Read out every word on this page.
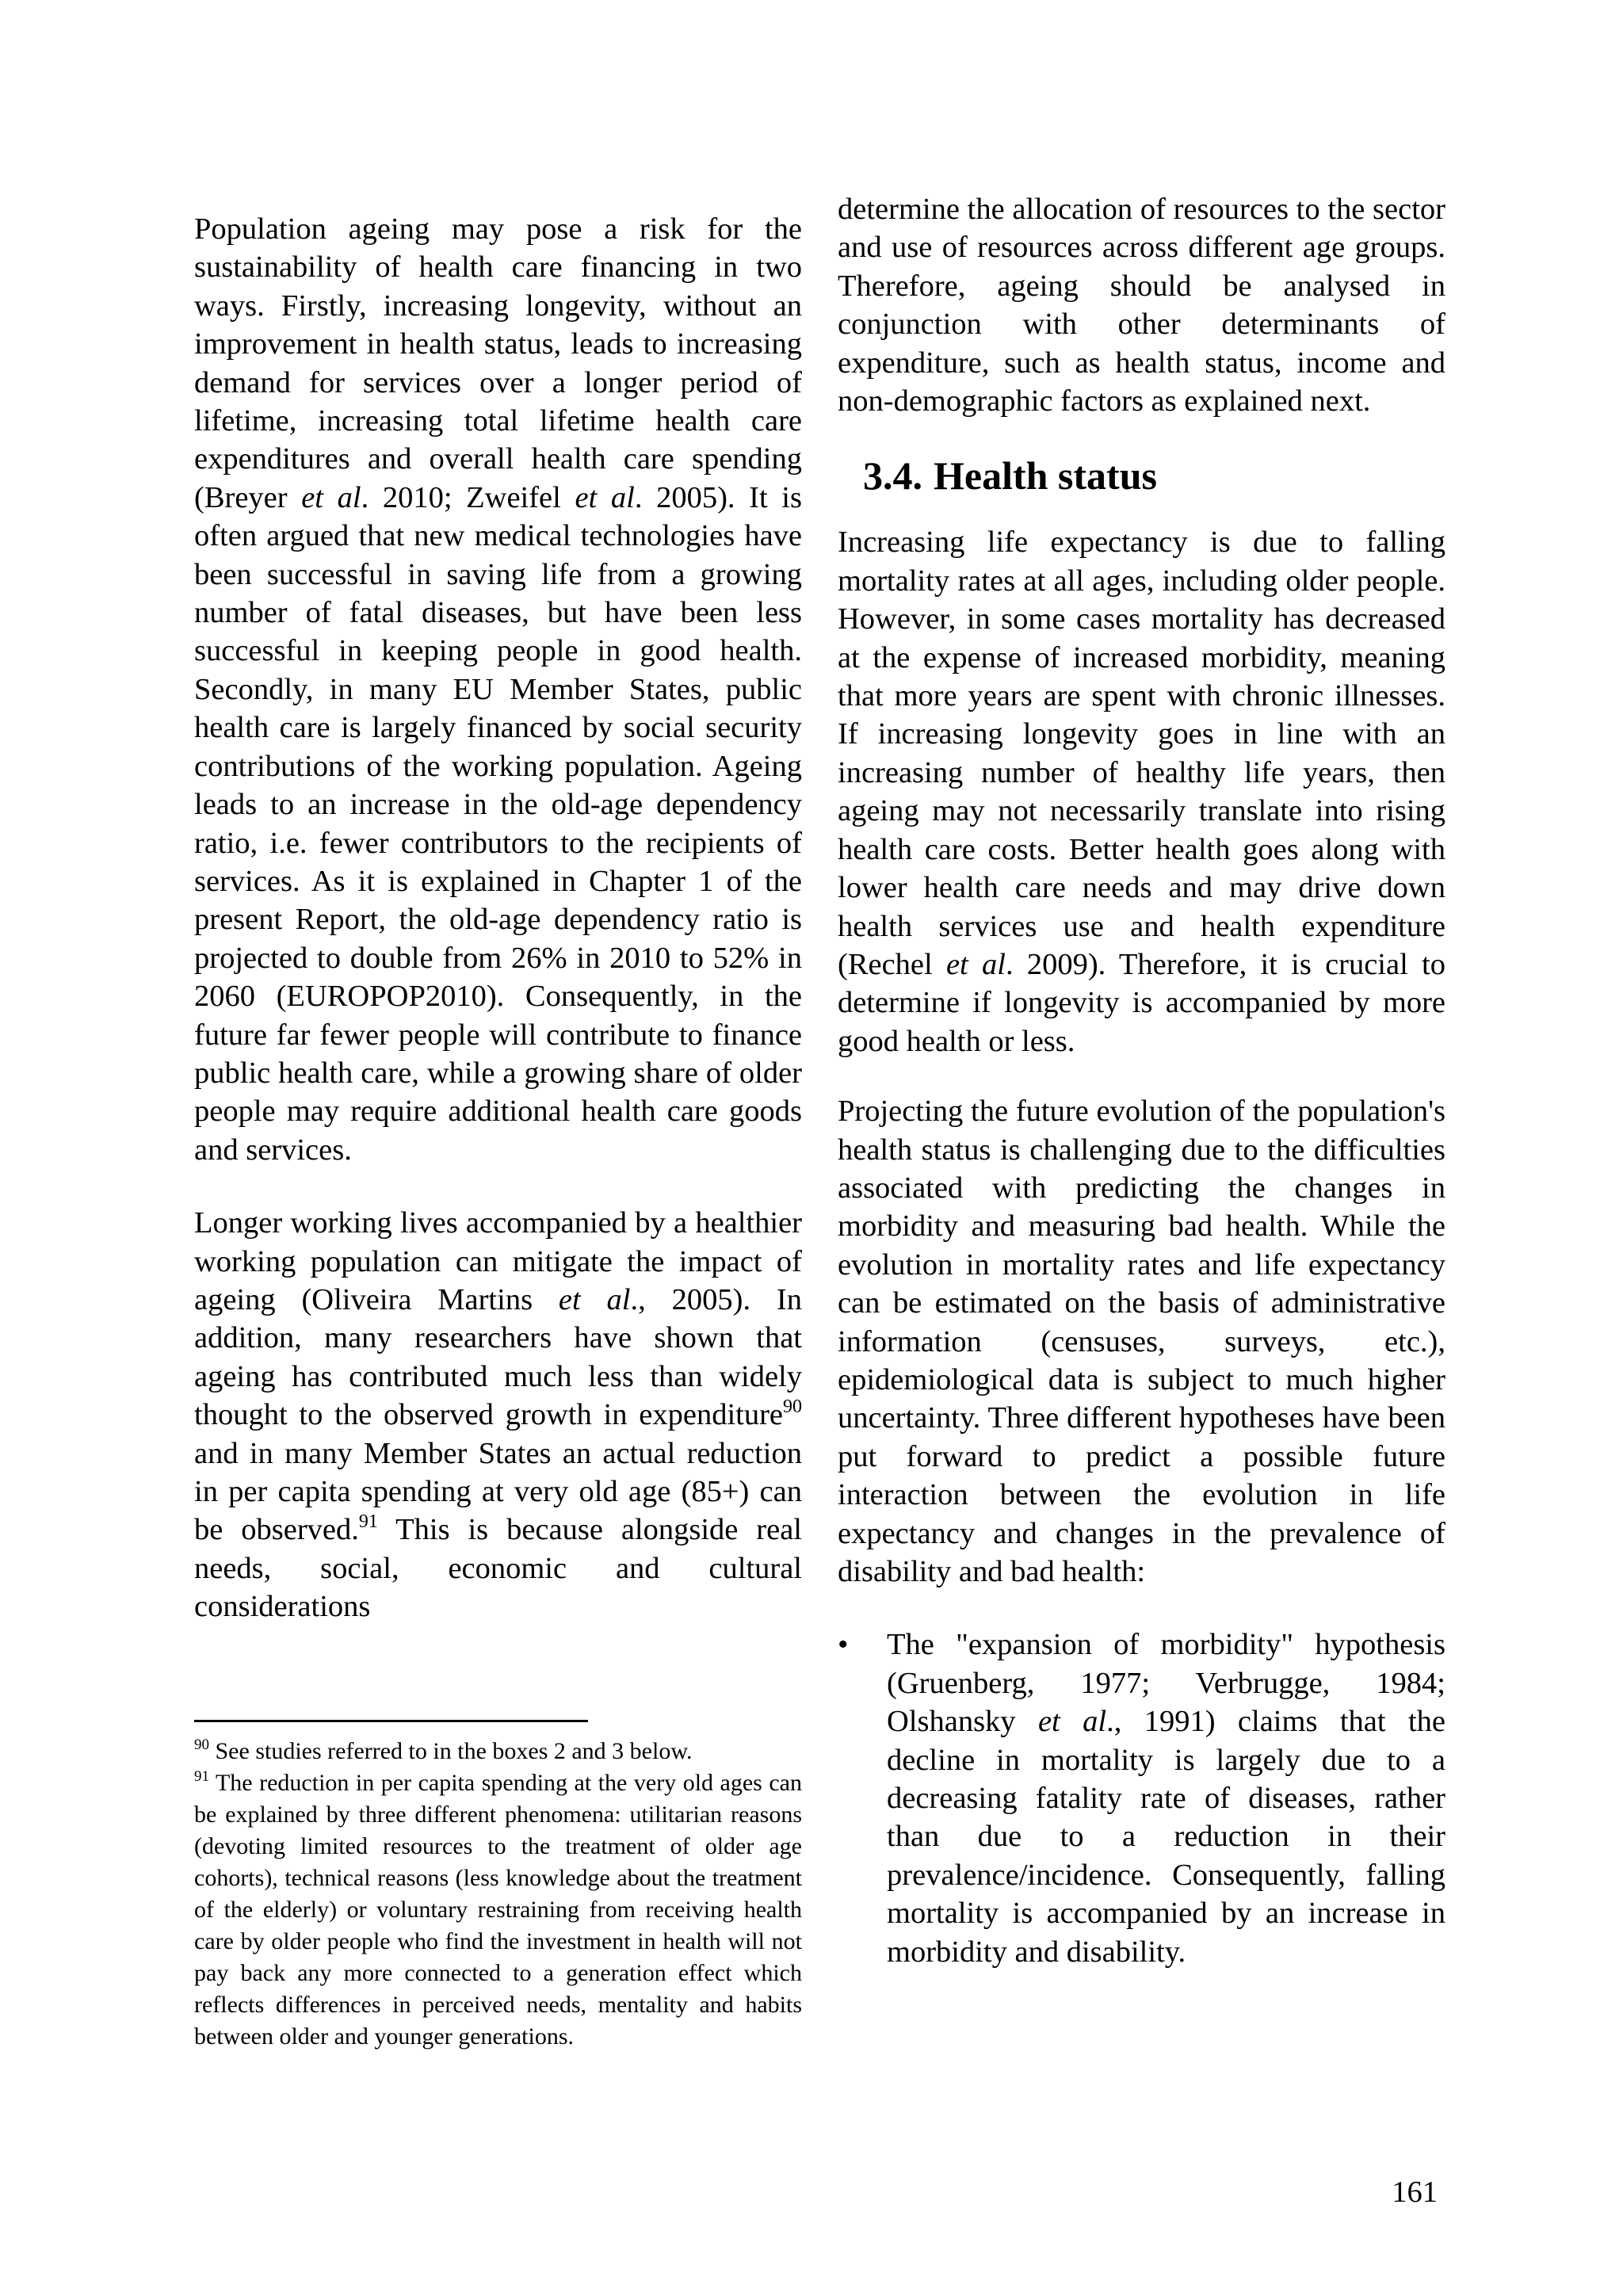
Population ageing may pose a risk for the sustainability of health care financing in two ways. Firstly, increasing longevity, without an improvement in health status, leads to increasing demand for services over a longer period of lifetime, increasing total lifetime health care expenditures and overall health care spending (Breyer et al. 2010; Zweifel et al. 2005). It is often argued that new medical technologies have been successful in saving life from a growing number of fatal diseases, but have been less successful in keeping people in good health. Secondly, in many EU Member States, public health care is largely financed by social security contributions of the working population. Ageing leads to an increase in the old-age dependency ratio, i.e. fewer contributors to the recipients of services. As it is explained in Chapter 1 of the present Report, the old-age dependency ratio is projected to double from 26% in 2010 to 52% in 2060 (EUROPOP2010). Consequently, in the future far fewer people will contribute to finance public health care, while a growing share of older people may require additional health care goods and services.

Longer working lives accompanied by a healthier working population can mitigate the impact of ageing (Oliveira Martins et al., 2005). In addition, many researchers have shown that ageing has contributed much less than widely thought to the observed growth in expenditure$^{90}$ and in many Member States an actual reduction in per capita spending at very old age (85+) can be observed.$^{91}$ This is because alongside real needs, social, economic and cultural considerations

$^{90}$ See studies referred to in the boxes 2 and 3 below.

$^{91}$ The reduction in per capita spending at the very old ages can be explained by three different phenomena: utilitarian reasons (devoting limited resources to the treatment of older age cohorts), technical reasons (less knowledge about the treatment of the elderly) or voluntary restraining from receiving health care by older people who find the investment in health will not pay back any more connected to a generation effect which reflects differences in perceived needs, mentality and habits between older and younger generations.

determine the allocation of resources to the sector and use of resources across different age groups. Therefore, ageing should be analysed in conjunction with other determinants of expenditure, such as health status, income and non-demographic factors as explained next.

3.4. Health status

Increasing life expectancy is due to falling mortality rates at all ages, including older people. However, in some cases mortality has decreased at the expense of increased morbidity, meaning that more years are spent with chronic illnesses. If increasing longevity goes in line with an increasing number of healthy life years, then ageing may not necessarily translate into rising health care costs. Better health goes along with lower health care needs and may drive down health services use and health expenditure (Rechel et al. 2009). Therefore, it is crucial to determine if longevity is accompanied by more good health or less.

Projecting the future evolution of the population's health status is challenging due to the difficulties associated with predicting the changes in morbidity and measuring bad health. While the evolution in mortality rates and life expectancy can be estimated on the basis of administrative information (censuses, surveys, etc.), epidemiological data is subject to much higher uncertainty. Three different hypotheses have been put forward to predict a possible future interaction between the evolution in life expectancy and changes in the prevalence of disability and bad health:

• The "expansion of morbidity" hypothesis (Gruenberg, 1977; Verbrugge, 1984; Olshansky et al., 1991) claims that the decline in mortality is largely due to a decreasing fatality rate of diseases, rather than due to a reduction in their prevalence/incidence. Consequently, falling mortality is accompanied by an increase in morbidity and disability.

161
